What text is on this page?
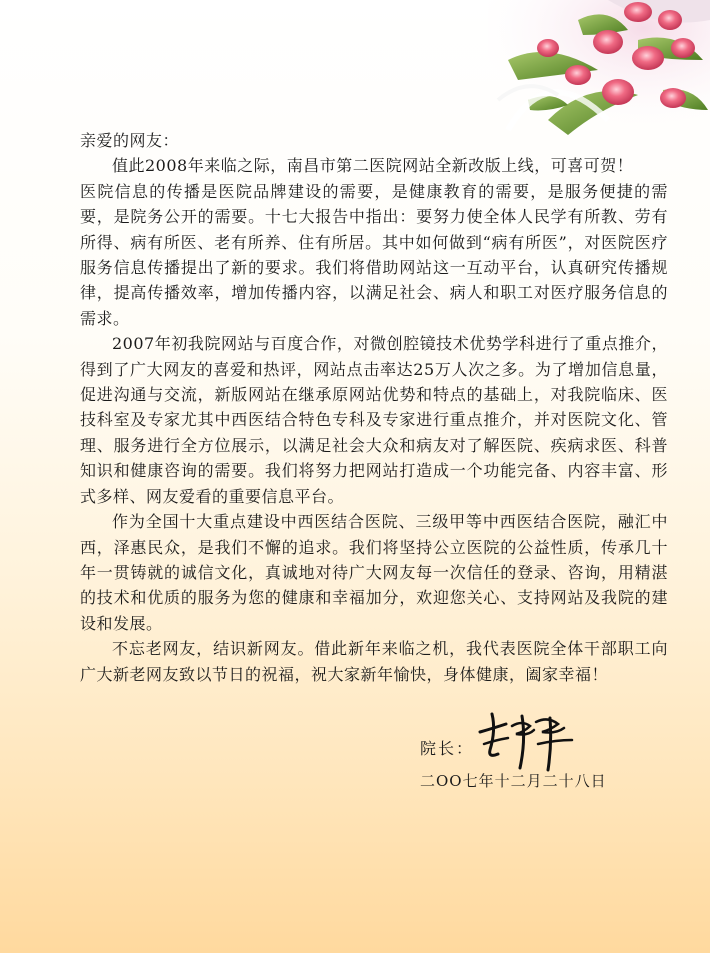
亲爱的网友：

值此2008年来临之际，南昌市第二医院网站全新改版上线，可喜可贺！

医院信息的传播是医院品牌建设的需要，是健康教育的需要，是服务便捷的需要，是院务公开的需要。十七大报告中指出：要努力使全体人民学有所教、劳有所得、病有所医、老有所养、住有所居。其中如何做到“病有所医”，对医院医疗服务信息传播提出了新的要求。我们将借助网站这一互动平台，认真研究传播规律，提高传播效率，增加传播内容，以满足社会、病人和职工对医疗服务信息的需求。

2007年初我院网站与百度合作，对微创腔镜技术优势学科进行了重点推介，得到了广大网友的喜爱和热评，网站点击率达25万人次之多。为了增加信息量，促进沟通与交流，新版网站在继承原网站优势和特点的基础上，对我院临床、医技科室及专家尤其中西医结合特色专科及专家进行重点推介，并对医院文化、管理、服务进行全方位展示，以满足社会大众和病友对了解医院、疾病求医、科普知识和健康咨询的需要。我们将努力把网站打造成一个功能完备、内容丰富、形式多样、网友爱看的重要信息平台。

作为全国十大重点建设中西医结合医院、三级甲等中西医结合医院，融汇中西，泽惠民众，是我们不懈的追求。我们将坚持公立医院的公益性质，传承几十年一贯铸就的诚信文化，真诚地对待广大网友每一次信任的登录、咨询，用精湛的技术和优质的服务为您的健康和幸福加分，欢迎您关心、支持网站及我院的建设和发展。

不忘老网友，结识新网友。借此新年来临之机，我代表医院全体干部职工向广大新老网友致以节日的祝福，祝大家新年愉快，身体健康，阖家幸福！

院长：
二OO七年十二月二十八日
